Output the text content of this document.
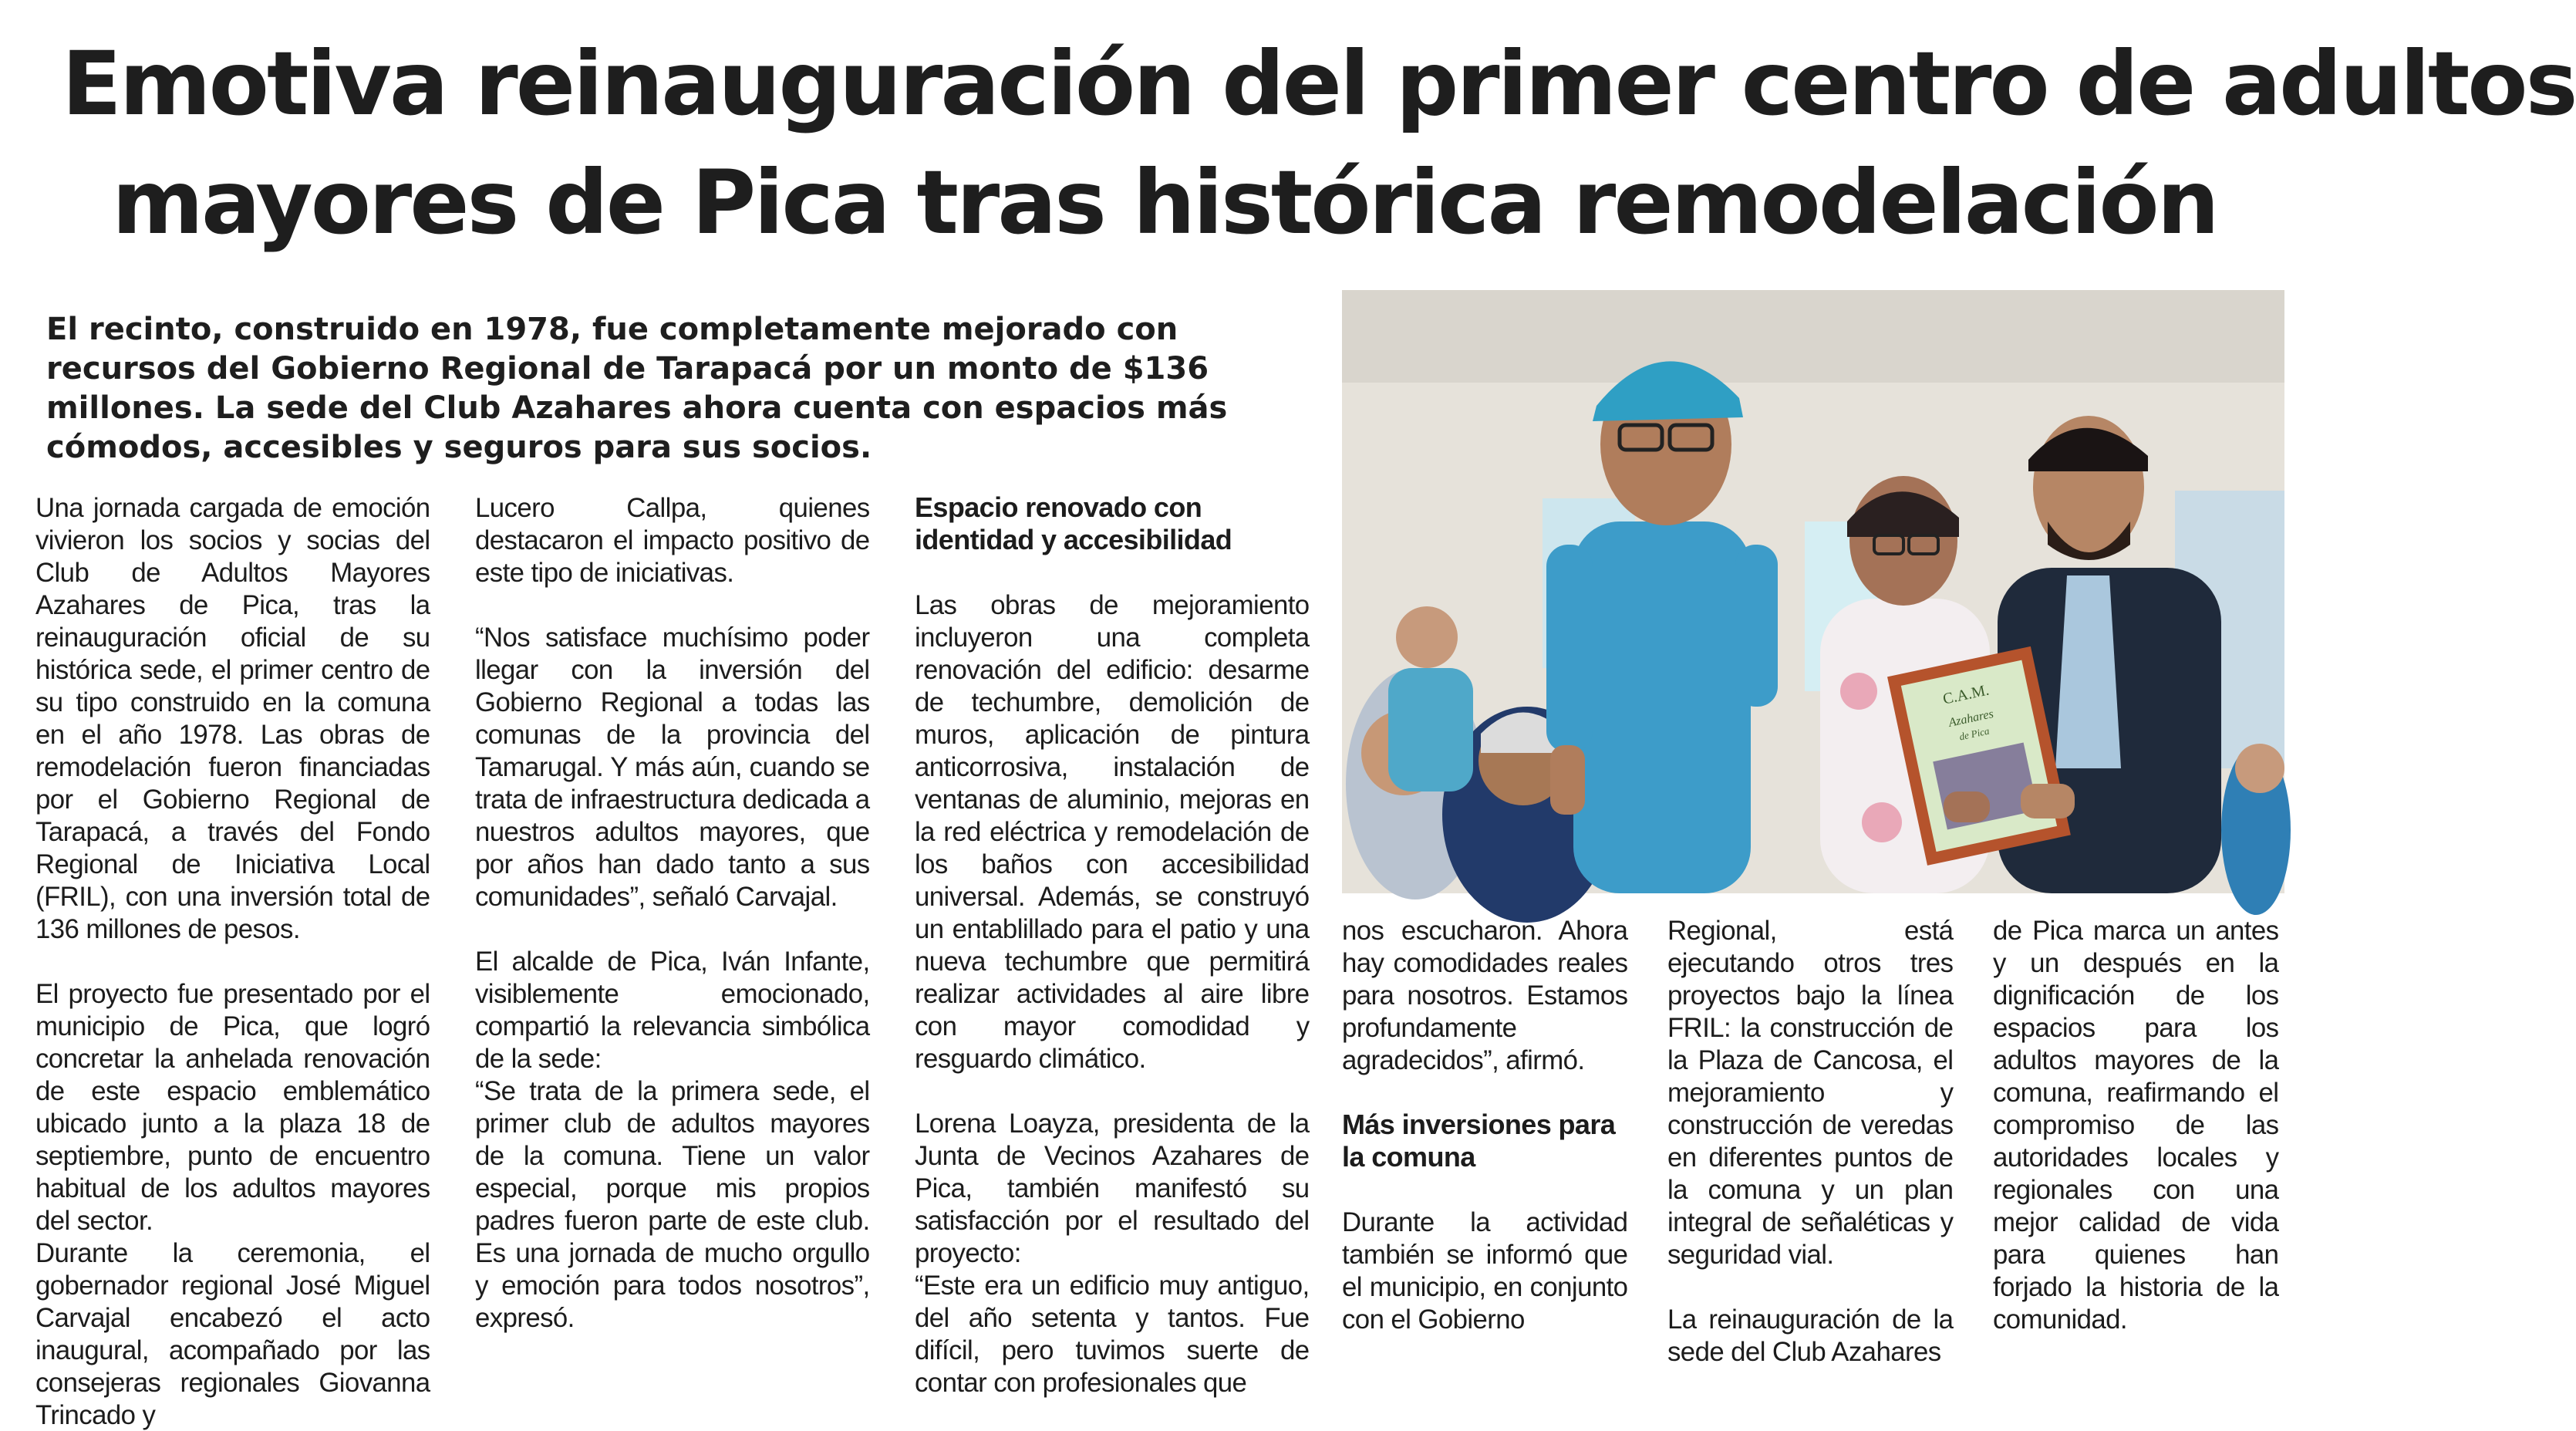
Emotiva reinauguración del primer centro de adultos
mayores de Pica tras histórica remodelación

El recinto, construido en 1978, fue completamente mejorado con recursos del Gobierno Regional de Tarapacá por un monto de $136 millones. La sede del Club Azahares ahora cuenta con espacios más cómodos, accesibles y seguros para sus socios.

Una jornada cargada de emoción vivieron los socios y socias del Club de Adultos Mayores Azahares de Pica, tras la reinauguración oficial de su histórica sede, el primer centro de su tipo construido en la comuna en el año 1978. Las obras de remodelación fueron financiadas por el Gobierno Regional de Tarapacá, a través del Fondo Regional de Iniciativa Local (FRIL), con una inversión total de 136 millones de pesos.

El proyecto fue presentado por el municipio de Pica, que logró concretar la anhelada renovación de este espacio emblemático ubicado junto a la plaza 18 de septiembre, punto de encuentro habitual de los adultos mayores del sector.

Durante la ceremonia, el gobernador regional José Miguel Carvajal encabezó el acto inaugural, acompañado por las consejeras regionales Giovanna Trincado y

Lucero Callpa, quienes destacaron el impacto positivo de este tipo de iniciativas.

“Nos satisface muchísimo poder llegar con la inversión del Gobierno Regional a todas las comunas de la provincia del Tamarugal. Y más aún, cuando se trata de infraestructura dedicada a nuestros adultos mayores, que por años han dado tanto a sus comunidades”, señaló Carvajal.

El alcalde de Pica, Iván Infante, visiblemente emocionado, compartió la relevancia simbólica de la sede:

“Se trata de la primera sede, el primer club de adultos mayores de la comuna. Tiene un valor especial, porque mis propios padres fueron parte de este club. Es una jornada de mucho orgullo y emoción para todos nosotros”, expresó.

Espacio renovado con identidad y accesibilidad

Las obras de mejoramiento incluyeron una completa renovación del edificio: desarme de techumbre, demolición de muros, aplicación de pintura anticorrosiva, instalación de ventanas de aluminio, mejoras en la red eléctrica y remodelación de los baños con accesibilidad universal. Además, se construyó un entablillado para el patio y una nueva techumbre que permitirá realizar actividades al aire libre con mayor comodidad y resguardo climático.

Lorena Loayza, presidenta de la Junta de Vecinos Azahares de Pica, también manifestó su satisfacción por el resultado del proyecto:

“Este era un edificio muy antiguo, del año setenta y tantos. Fue difícil, pero tuvimos suerte de contar con profesionales que

C.A.M.
Azahares
de Pica

nos escucharon. Ahora hay comodidades reales para nosotros. Estamos profundamente agradecidos”, afirmó.

Más inversiones para la comuna

Durante la actividad también se informó que el municipio, en conjunto con el Gobierno

Regional, está ejecutando otros tres proyectos bajo la línea FRIL: la construcción de la Plaza de Cancosa, el mejoramiento y construcción de veredas en diferentes puntos de la comuna y un plan integral de señaléticas y seguridad vial.

La reinauguración de la sede del Club Azahares

de Pica marca un antes y un después en la dignificación de los espacios para los adultos mayores de la comuna, reafirmando el compromiso de las autoridades locales y regionales con una mejor calidad de vida para quienes han forjado la historia de la comunidad.
